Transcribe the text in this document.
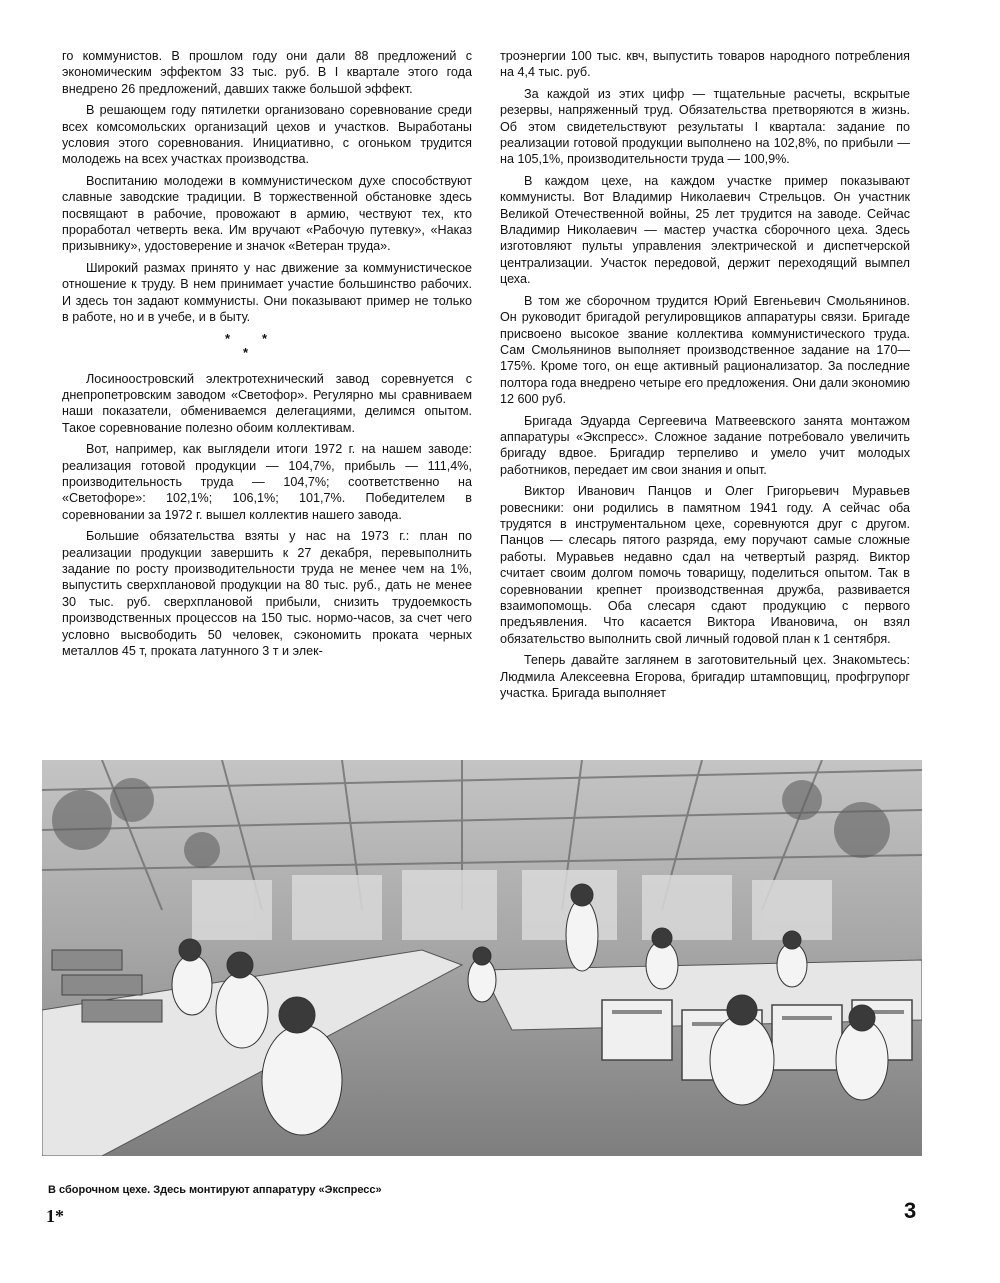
го коммунистов. В прошлом году они дали 88 предложений с экономическим эффектом 33 тыс. руб. В I квартале этого года внедрено 26 предложений, давших также большой эффект.

В решающем году пятилетки организовано соревнование среди всех комсомольских организаций цехов и участков. Выработаны условия этого соревнования. Инициативно, с огоньком трудится молодежь на всех участках производства.

Воспитанию молодежи в коммунистическом духе способствуют славные заводские традиции. В торжественной обстановке здесь посвящают в рабочие, провожают в армию, чествуют тех, кто проработал четверть века. Им вручают «Рабочую путевку», «Наказ призывнику», удостоверение и значок «Ветеран труда».

Широкий размах принято у нас движение за коммунистическое отношение к труду. В нем принимает участие большинство рабочих. И здесь тон задают коммунисты. Они показывают пример не только в работе, но и в учебе, и в быту.

* *
*

Лосиноостровский электротехнический завод соревнуется с днепропетровским заводом «Светофор». Регулярно мы сравниваем наши показатели, обмениваемся делегациями, делимся опытом. Такое соревнование полезно обоим коллективам.

Вот, например, как выглядели итоги 1972 г. на нашем заводе: реализация готовой продукции — 104,7%, прибыль — 111,4%, производительность труда — 104,7%; соответственно на «Светофоре»: 102,1%; 106,1%; 101,7%. Победителем в соревновании за 1972 г. вышел коллектив нашего завода.

Большие обязательства взяты у нас на 1973 г.: план по реализации продукции завершить к 27 декабря, перевыполнить задание по росту производительности труда не менее чем на 1%, выпустить сверхплановой продукции на 80 тыс. руб., дать не менее 30 тыс. руб. сверхплановой прибыли, снизить трудоемкость производственных процессов на 150 тыс. нормо-часов, за счет чего условно высвободить 50 человек, сэкономить проката черных металлов 45 т, проката латунного 3 т и элек-

троэнергии 100 тыс. квч, выпустить товаров народного потребления на 4,4 тыс. руб.

За каждой из этих цифр — тщательные расчеты, вскрытые резервы, напряженный труд. Обязательства претворяются в жизнь. Об этом свидетельствуют результаты I квартала: задание по реализации готовой продукции выполнено на 102,8%, по прибыли — на 105,1%, производительности труда — 100,9%.

В каждом цехе, на каждом участке пример показывают коммунисты. Вот Владимир Николаевич Стрельцов. Он участник Великой Отечественной войны, 25 лет трудится на заводе. Сейчас Владимир Николаевич — мастер участка сборочного цеха. Здесь изготовляют пульты управления электрической и диспетчерской централизации. Участок передовой, держит переходящий вымпел цеха.

В том же сборочном трудится Юрий Евгеньевич Смольянинов. Он руководит бригадой регулировщиков аппаратуры связи. Бригаде присвоено высокое звание коллектива коммунистического труда. Сам Смольянинов выполняет производственное задание на 170—175%. Кроме того, он еще активный рационализатор. За последние полтора года внедрено четыре его предложения. Они дали экономию 12 600 руб.

Бригада Эдуарда Сергеевича Матвеевского занята монтажом аппаратуры «Экспресс». Сложное задание потребовало увеличить бригаду вдвое. Бригадир терпеливо и умело учит молодых работников, передает им свои знания и опыт.

Виктор Иванович Панцов и Олег Григорьевич Муравьев ровесники: они родились в памятном 1941 году. А сейчас оба трудятся в инструментальном цехе, соревнуются друг с другом. Панцов — слесарь пятого разряда, ему поручают самые сложные работы. Муравьев недавно сдал на четвертый разряд. Виктор считает своим долгом помочь товарищу, поделиться опытом. Так в соревновании крепнет производственная дружба, развивается взаимопомощь. Оба слесаря сдают продукцию с первого предъявления. Что касается Виктора Ивановича, он взял обязательство выполнить свой личный годовой план к 1 сентября.

Теперь давайте заглянем в заготовительный цех. Знакомьтесь: Людмила Алексеевна Егорова, бригадир штамповщиц, профгрупорг участка. Бригада выполняет

В сборочном цехе. Здесь монтируют аппаратуру «Экспресс»
1*	3
